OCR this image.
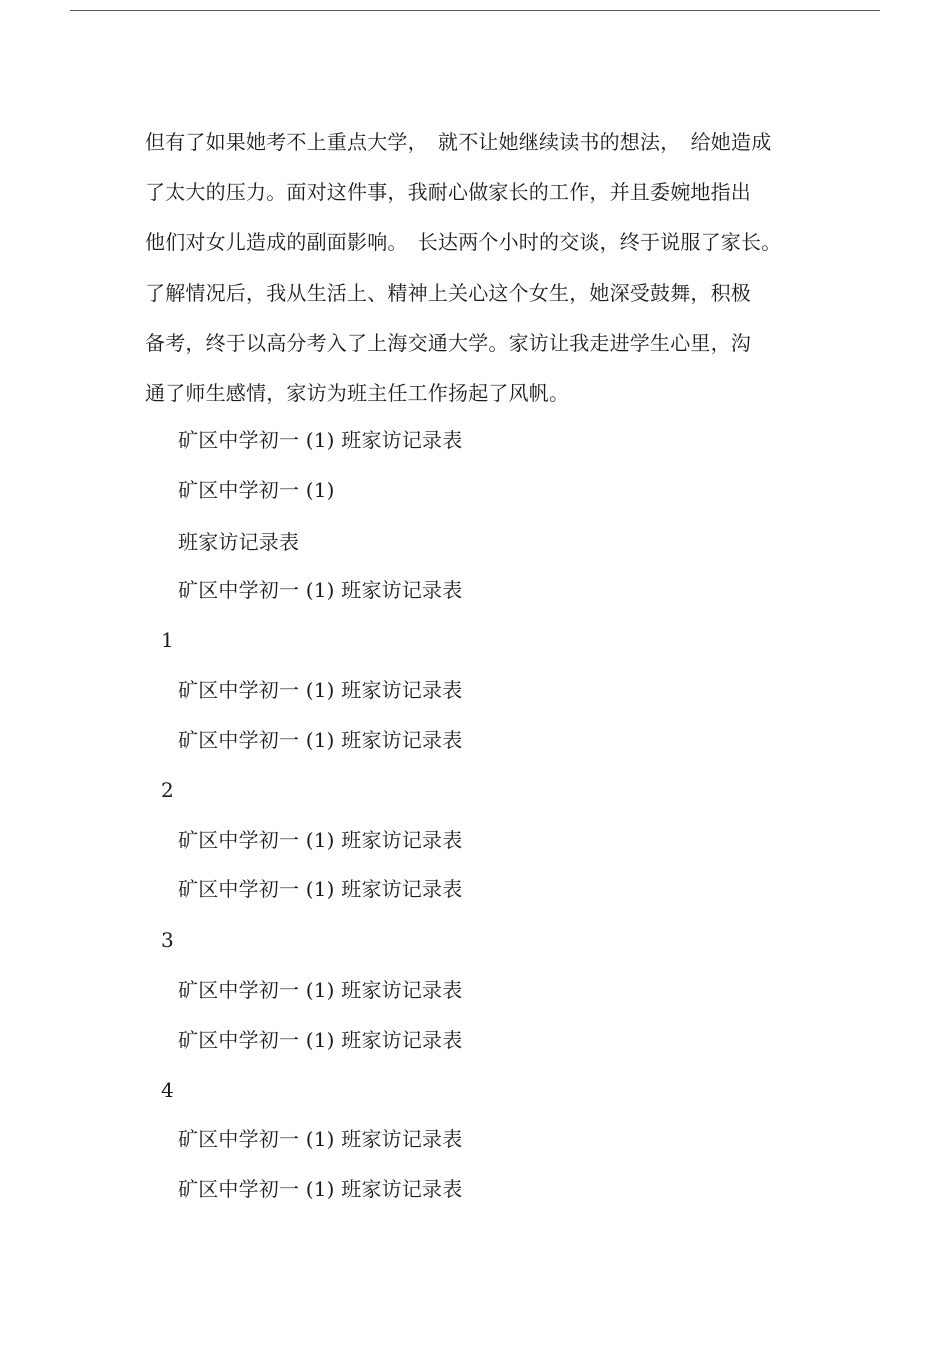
但有了如果她考不上重点大学，　就不让她继续读书的想法，　给她造成
了太大的压力。面对这件事，我耐心做家长的工作，并且委婉地指出
他们对女儿造成的副面影响。　长达两个小时的交谈，终于说服了家长。
了解情况后，我从生活上、精神上关心这个女生，她深受鼓舞，积极
备考，终于以高分考入了上海交通大学。家访让我走进学生心里，沟
通了师生感情，家访为班主任工作扬起了风帆。
矿区中学初一 (1) 班家访记录表
矿区中学初一 (1)
班家访记录表
矿区中学初一 (1) 班家访记录表
1
矿区中学初一 (1) 班家访记录表
矿区中学初一 (1) 班家访记录表
2
矿区中学初一 (1) 班家访记录表
矿区中学初一 (1) 班家访记录表
3
矿区中学初一 (1) 班家访记录表
矿区中学初一 (1) 班家访记录表
4
矿区中学初一 (1) 班家访记录表
矿区中学初一 (1) 班家访记录表
